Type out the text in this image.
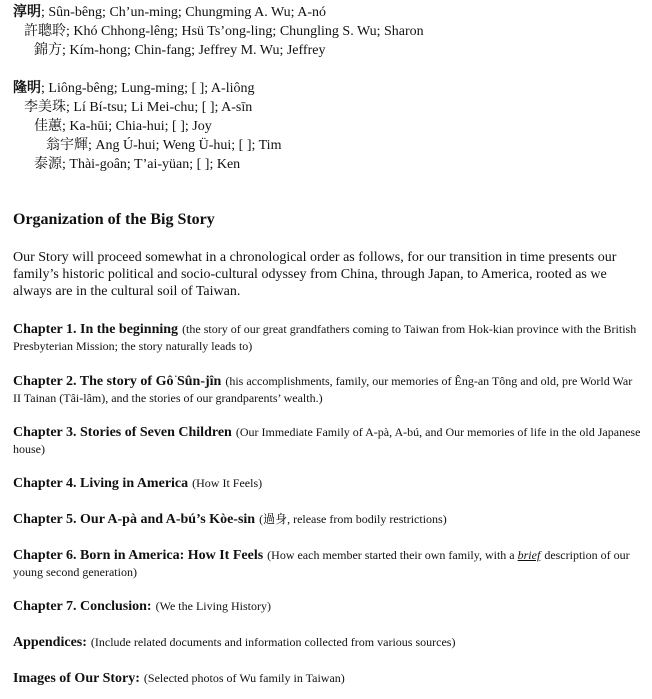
淳明; Sûn-bêng; Ch’un-ming; Chungming A. Wu; A-nó
許聰聆; Khó Chhong-lêng; Hsü Ts’ong-ling; Chungling S. Wu; Sharon
錦方; Kím-hong; Chin-fang; Jeffrey M. Wu; Jeffrey
隆明; Liông-bêng; Lung-ming; [ ]; A-liông
李美珠; Lí Bí-tsu; Li Mei-chu; [ ]; A-sīn
佳蕙; Ka-hūi; Chia-hui; [ ]; Joy
翁宇輝; Ang Ú-hui; Weng Ü-hui; [ ]; Tim
泰源; Thài-goân; T’ai-yüan; [ ]; Ken
Organization of the Big Story
Our Story will proceed somewhat in a chronological order as follows, for our transition in time presents our family’s historic political and socio-cultural odyssey from China, through Japan, to America, rooted as we always are in the cultural soil of Taiwan.
Chapter 1. In the beginning (the story of our great grandfathers coming to Taiwan from Hok-kian province with the British Presbyterian Mission; the story naturally leads to)
Chapter 2. The story of Gô͘ Sûn-jîn (his accomplishments, family, our memories of Êng-an Tông and old, pre World War II Tainan (Tâi-lâm), and the stories of our grandparents’ wealth.)
Chapter 3. Stories of Seven Children (Our Immediate Family of A-pà, A-bú, and Our memories of life in the old Japanese house)
Chapter 4. Living in America (How It Feels)
Chapter 5. Our A-pà and A-bú’s Kòe-sin (過身, release from bodily restrictions)
Chapter 6. Born in America: How It Feels (How each member started their own family, with a brief description of our young second generation)
Chapter 7. Conclusion: (We the Living History)
Appendices: (Include related documents and information collected from various sources)
Images of Our Story: (Selected photos of Wu family in Taiwan)
